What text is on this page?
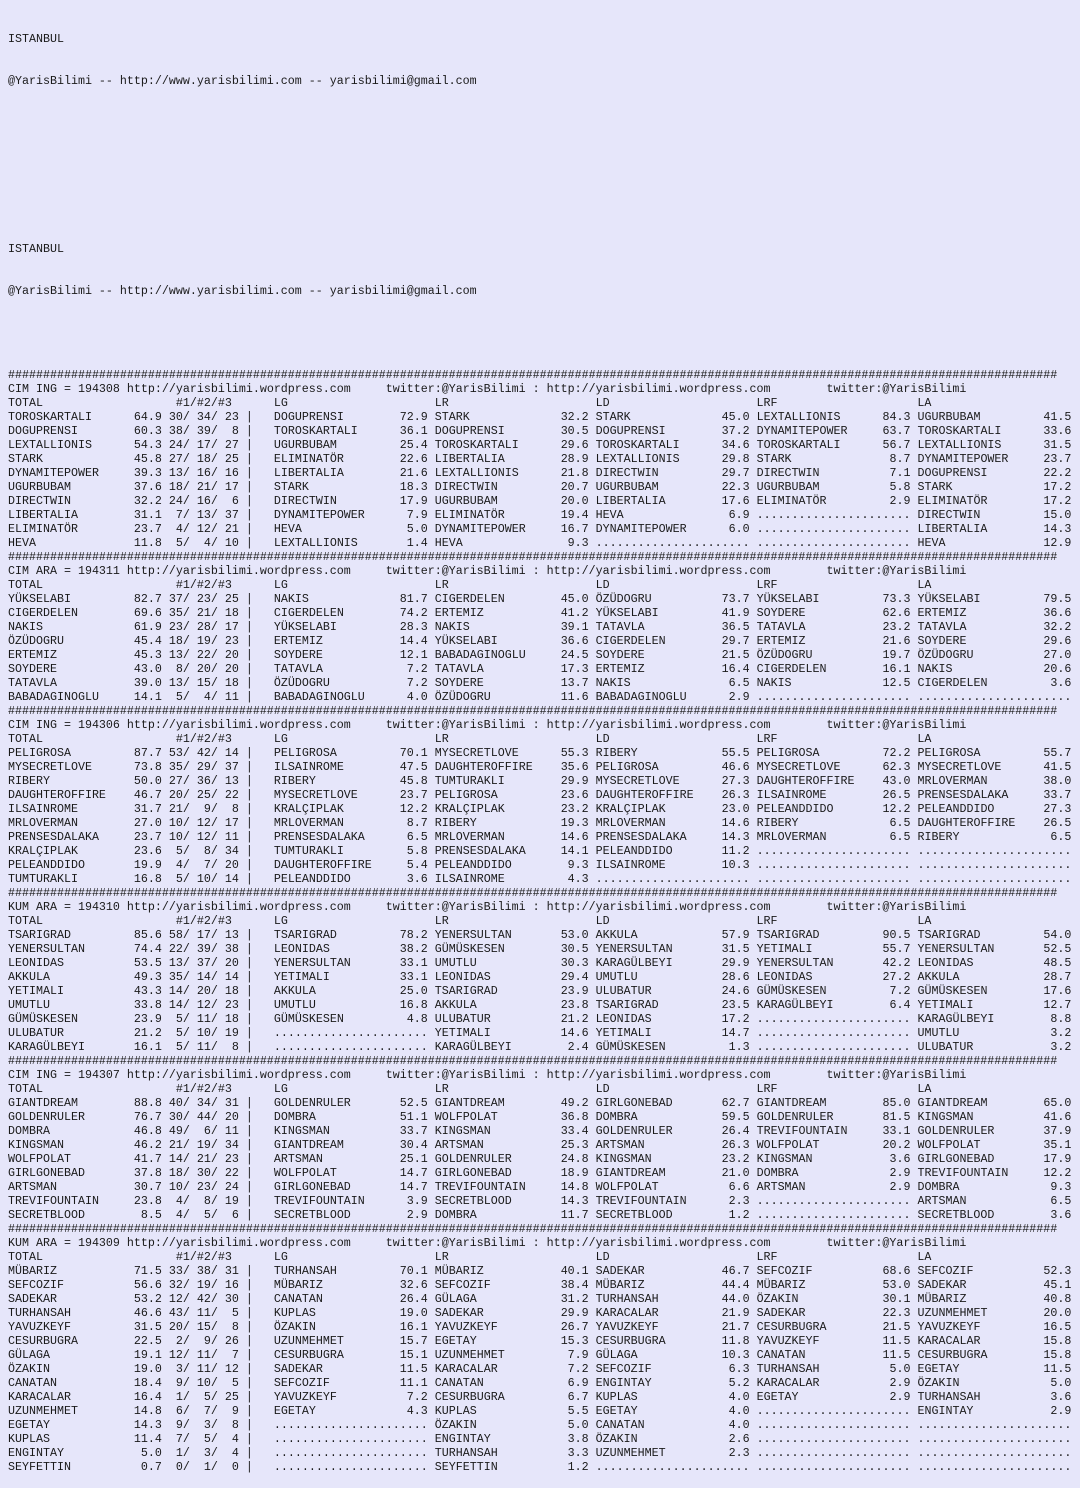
ISTANBUL

@YarisBilimi -- http://www.yarisbilimi.com -- yarisbilimi@gmail.com

ISTANBUL

@YarisBilimi -- http://www.yarisbilimi.com -- yarisbilimi@gmail.com

######################################################################################################################################################
CIM ING = 194308 http://yarisbilimi.wordpress.com	twitter:@YarisBilimi : http://yarisbilimi.wordpress.com	twitter:@YarisBilimi
TOTAL                   #1/#2/#3      LG                     LR                     LD                     LRF                    LA
TOROSKARTALI      64.9 30/ 34/ 23 |   DOGUPRENSI        72.9 STARK             32.2 STARK             45.0 LEXTALLIONIS      84.3 UGURBUBAM         41.5
DOGUPRENSI        60.3 38/ 39/  8 |   TOROSKARTALI      36.1 DOGUPRENSI        30.5 DOGUPRENSI        37.2 DYNAMITEPOWER     63.7 TOROSKARTALI      33.6
LEXTALLIONIS      54.3 24/ 17/ 27 |   UGURBUBAM         25.4 TOROSKARTALI      29.6 TOROSKARTALI      34.6 TOROSKARTALI      56.7 LEXTALLIONIS      31.5
STARK             45.8 27/ 18/ 25 |   ELIMINATÖR        22.6 LIBERTALIA        28.9 LEXTALLIONIS      29.8 STARK              8.7 DYNAMITEPOWER     23.7
DYNAMITEPOWER     39.3 13/ 16/ 16 |   LIBERTALIA        21.6 LEXTALLIONIS      21.8 DIRECTWIN         29.7 DIRECTWIN          7.1 DOGUPRENSI        22.2
UGURBUBAM         37.6 18/ 21/ 17 |   STARK             18.3 DIRECTWIN         20.7 UGURBUBAM         22.3 UGURBUBAM          5.8 STARK             17.2
DIRECTWIN         32.2 24/ 16/  6 |   DIRECTWIN         17.9 UGURBUBAM         20.0 LIBERTALIA        17.6 ELIMINATÖR         2.9 ELIMINATÖR        17.2
LIBERTALIA        31.1  7/ 13/ 37 |   DYNAMITEPOWER      7.9 ELIMINATÖR        19.4 HEVA               6.9 ...................... DIRECTWIN         15.0
ELIMINATÖR        23.7  4/ 12/ 21 |   HEVA               5.0 DYNAMITEPOWER     16.7 DYNAMITEPOWER      6.0 ...................... LIBERTALIA        14.3
HEVA              11.8  5/  4/ 10 |   LEXTALLIONIS       1.4 HEVA               9.3 ...................... ...................... HEVA              12.9
######################################################################################################################################################
CIM ARA = 194311 http://yarisbilimi.wordpress.com	twitter:@YarisBilimi : http://yarisbilimi.wordpress.com	twitter:@YarisBilimi
TOTAL                   #1/#2/#3      LG                     LR                     LD                     LRF                    LA
YÜKSELABI         82.7 37/ 23/ 25 |   NAKIS             81.7 CIGERDELEN        45.0 ÖZÜDOGRU          73.7 YÜKSELABI         73.3 YÜKSELABI         79.5
CIGERDELEN        69.6 35/ 21/ 18 |   CIGERDELEN        74.2 ERTEMIZ           41.2 YÜKSELABI         41.9 SOYDERE           62.6 ERTEMIZ           36.6
NAKIS             61.9 23/ 28/ 17 |   YÜKSELABI         28.3 NAKIS             39.1 TATAVLA           36.5 TATAVLA           23.2 TATAVLA           32.2
ÖZÜDOGRU          45.4 18/ 19/ 23 |   ERTEMIZ           14.4 YÜKSELABI         36.6 CIGERDELEN        29.7 ERTEMIZ           21.6 SOYDERE           29.6
ERTEMIZ           45.3 13/ 22/ 20 |   SOYDERE           12.1 BABADAGINOGLU     24.5 SOYDERE           21.5 ÖZÜDOGRU          19.7 ÖZÜDOGRU          27.0
SOYDERE           43.0  8/ 20/ 20 |   TATAVLA            7.2 TATAVLA           17.3 ERTEMIZ           16.4 CIGERDELEN        16.1 NAKIS             20.6
TATAVLA           39.0 13/ 15/ 18 |   ÖZÜDOGRU           7.2 SOYDERE           13.7 NAKIS              6.5 NAKIS             12.5 CIGERDELEN         3.6
BABADAGINOGLU     14.1  5/  4/ 11 |   BABADAGINOGLU      4.0 ÖZÜDOGRU          11.6 BABADAGINOGLU      2.9 ...................... ......................
######################################################################################################################################################
CIM ING = 194306 http://yarisbilimi.wordpress.com	twitter:@YarisBilimi : http://yarisbilimi.wordpress.com	twitter:@YarisBilimi
TOTAL                   #1/#2/#3      LG                     LR                     LD                     LRF                    LA
PELIGROSA         87.7 53/ 42/ 14 |   PELIGROSA         70.1 MYSECRETLOVE      55.3 RIBERY            55.5 PELIGROSA         72.2 PELIGROSA         55.7
MYSECRETLOVE      73.8 35/ 29/ 37 |   ILSAINROME        47.5 DAUGHTEROFFIRE    35.6 PELIGROSA         46.6 MYSECRETLOVE      62.3 MYSECRETLOVE      41.5
RIBERY            50.0 27/ 36/ 13 |   RIBERY            45.8 TUMTURAKLI        29.9 MYSECRETLOVE      27.3 DAUGHTEROFFIRE    43.0 MRLOVERMAN        38.0
DAUGHTEROFFIRE    46.7 20/ 25/ 22 |   MYSECRETLOVE      23.7 PELIGROSA         23.6 DAUGHTEROFFIRE    26.3 ILSAINROME        26.5 PRENSESDALAKA     33.7
ILSAINROME        31.7 21/  9/  8 |   KRALÇIPLAK        12.2 KRALÇIPLAK        23.2 KRALÇIPLAK        23.0 PELEANDDIDO       12.2 PELEANDDIDO       27.3
MRLOVERMAN        27.0 10/ 12/ 17 |   MRLOVERMAN         8.7 RIBERY            19.3 MRLOVERMAN        14.6 RIBERY             6.5 DAUGHTEROFFIRE    26.5
PRENSESDALAKA     23.7 10/ 12/ 11 |   PRENSESDALAKA      6.5 MRLOVERMAN        14.6 PRENSESDALAKA     14.3 MRLOVERMAN         6.5 RIBERY             6.5
KRALÇIPLAK        23.6  5/  8/ 34 |   TUMTURAKLI         5.8 PRENSESDALAKA     14.1 PELEANDDIDO       11.2 ...................... ......................
PELEANDDIDO       19.9  4/  7/ 20 |   DAUGHTEROFFIRE     5.4 PELEANDDIDO        9.3 ILSAINROME        10.3 ...................... ......................
TUMTURAKLI        16.8  5/ 10/ 14 |   PELEANDDIDO        3.6 ILSAINROME         4.3 ...................... ...................... ......................
######################################################################################################################################################
KUM ARA = 194310 http://yarisbilimi.wordpress.com	twitter:@YarisBilimi : http://yarisbilimi.wordpress.com	twitter:@YarisBilimi
TOTAL                   #1/#2/#3      LG                     LR                     LD                     LRF                    LA
TSARIGRAD         85.6 58/ 17/ 13 |   TSARIGRAD         78.2 YENERSULTAN       53.0 AKKULA            57.9 TSARIGRAD         90.5 TSARIGRAD         54.0
YENERSULTAN       74.4 22/ 39/ 38 |   LEONIDAS          38.2 GÜMÜSKESEN        30.5 YENERSULTAN       31.5 YETIMALI          55.7 YENERSULTAN       52.5
LEONIDAS          53.5 13/ 37/ 20 |   YENERSULTAN       33.1 UMUTLU            30.3 KARAGÜLBEYI       29.9 YENERSULTAN       42.2 LEONIDAS          48.5
AKKULA            49.3 35/ 14/ 14 |   YETIMALI          33.1 LEONIDAS          29.4 UMUTLU            28.6 LEONIDAS          27.2 AKKULA            28.7
YETIMALI          43.3 14/ 20/ 18 |   AKKULA            25.0 TSARIGRAD         23.9 ULUBATUR          24.6 GÜMÜSKESEN         7.2 GÜMÜSKESEN        17.6
UMUTLU            33.8 14/ 12/ 23 |   UMUTLU            16.8 AKKULA            23.8 TSARIGRAD         23.5 KARAGÜLBEYI        6.4 YETIMALI          12.7
GÜMÜSKESEN        23.9  5/ 11/ 18 |   GÜMÜSKESEN         4.8 ULUBATUR          21.2 LEONIDAS          17.2 ...................... KARAGÜLBEYI        8.8
ULUBATUR          21.2  5/ 10/ 19 |   ...................... YETIMALI          14.6 YETIMALI          14.7 ...................... UMUTLU             3.2
KARAGÜLBEYI       16.1  5/ 11/  8 |   ...................... KARAGÜLBEYI        2.4 GÜMÜSKESEN         1.3 ...................... ULUBATUR           3.2
######################################################################################################################################################
CIM ING = 194307 http://yarisbilimi.wordpress.com	twitter:@YarisBilimi : http://yarisbilimi.wordpress.com	twitter:@YarisBilimi
TOTAL                   #1/#2/#3      LG                     LR                     LD                     LRF                    LA
GIANTDREAM        88.8 40/ 34/ 31 |   GOLDENRULER       52.5 GIANTDREAM        49.2 GIRLGONEBAD       62.7 GIANTDREAM        85.0 GIANTDREAM        65.0
GOLDENRULER       76.7 30/ 44/ 20 |   DOMBRA            51.1 WOLFPOLAT         36.8 DOMBRA            59.5 GOLDENRULER       81.5 KINGSMAN          41.6
DOMBRA            46.8 49/  6/ 11 |   KINGSMAN          33.7 KINGSMAN          33.4 GOLDENRULER       26.4 TREVIFOUNTAIN     33.1 GOLDENRULER       37.9
KINGSMAN          46.2 21/ 19/ 34 |   GIANTDREAM        30.4 ARTSMAN           25.3 ARTSMAN           26.3 WOLFPOLAT         20.2 WOLFPOLAT         35.1
WOLFPOLAT         41.7 14/ 21/ 23 |   ARTSMAN           25.1 GOLDENRULER       24.8 KINGSMAN          23.2 KINGSMAN           3.6 GIRLGONEBAD       17.9
GIRLGONEBAD       37.8 18/ 30/ 22 |   WOLFPOLAT         14.7 GIRLGONEBAD       18.9 GIANTDREAM        21.0 DOMBRA             2.9 TREVIFOUNTAIN     12.2
ARTSMAN           30.7 10/ 23/ 24 |   GIRLGONEBAD       14.7 TREVIFOUNTAIN     14.8 WOLFPOLAT          6.6 ARTSMAN            2.9 DOMBRA             9.3
TREVIFOUNTAIN     23.8  4/  8/ 19 |   TREVIFOUNTAIN      3.9 SECRETBLOOD       14.3 TREVIFOUNTAIN      2.3 ...................... ARTSMAN            6.5
SECRETBLOOD        8.5  4/  5/  6 |   SECRETBLOOD        2.9 DOMBRA            11.7 SECRETBLOOD        1.2 ...................... SECRETBLOOD        3.6
######################################################################################################################################################
KUM ARA = 194309 http://yarisbilimi.wordpress.com	twitter:@YarisBilimi : http://yarisbilimi.wordpress.com	twitter:@YarisBilimi
TOTAL                   #1/#2/#3      LG                     LR                     LD                     LRF                    LA
MÜBARIZ           71.5 33/ 38/ 31 |   TURHANSAH         70.1 MÜBARIZ           40.1 SADEKAR           46.7 SEFCOZIF          68.6 SEFCOZIF          52.3
SEFCOZIF          56.6 32/ 19/ 16 |   MÜBARIZ           32.6 SEFCOZIF          38.4 MÜBARIZ           44.4 MÜBARIZ           53.0 SADEKAR           45.1
SADEKAR           53.2 12/ 42/ 30 |   CANATAN           26.4 GÜLAGA            31.2 TURHANSAH         44.0 ÖZAKIN            30.1 MÜBARIZ           40.8
TURHANSAH         46.6 43/ 11/  5 |   KUPLAS            19.0 SADEKAR           29.9 KARACALAR         21.9 SADEKAR           22.3 UZUNMEHMET        20.0
YAVUZKEYF         31.5 20/ 15/  8 |   ÖZAKIN            16.1 YAVUZKEYF         26.7 YAVUZKEYF         21.7 CESURBUGRA        21.5 YAVUZKEYF         16.5
CESURBUGRA        22.5  2/  9/ 26 |   UZUNMEHMET        15.7 EGETAY            15.3 CESURBUGRA        11.8 YAVUZKEYF         11.5 KARACALAR         15.8
GÜLAGA            19.1 12/ 11/  7 |   CESURBUGRA        15.1 UZUNMEHMET         7.9 GÜLAGA            10.3 CANATAN           11.5 CESURBUGRA        15.8
ÖZAKIN            19.0  3/ 11/ 12 |   SADEKAR           11.5 KARACALAR          7.2 SEFCOZIF           6.3 TURHANSAH          5.0 EGETAY            11.5
CANATAN           18.4  9/ 10/  5 |   SEFCOZIF          11.1 CANATAN            6.9 ENGINTAY           5.2 KARACALAR          2.9 ÖZAKIN             5.0
KARACALAR         16.4  1/  5/ 25 |   YAVUZKEYF          7.2 CESURBUGRA         6.7 KUPLAS             4.0 EGETAY             2.9 TURHANSAH          3.6
UZUNMEHMET        14.8  6/  7/  9 |   EGETAY             4.3 KUPLAS             5.5 EGETAY             4.0 ...................... ENGINTAY           2.9
EGETAY            14.3  9/  3/  8 |   ...................... ÖZAKIN             5.0 CANATAN            4.0 ...................... ......................
KUPLAS            11.4  7/  5/  4 |   ...................... ENGINTAY           3.8 ÖZAKIN             2.6 ...................... ......................
ENGINTAY           5.0  1/  3/  4 |   ...................... TURHANSAH          3.3 UZUNMEHMET         2.3 ...................... ......................
SEYFETTIN          0.7  0/  1/  0 |   ...................... SEYFETTIN          1.2 ...................... ...................... ......................
